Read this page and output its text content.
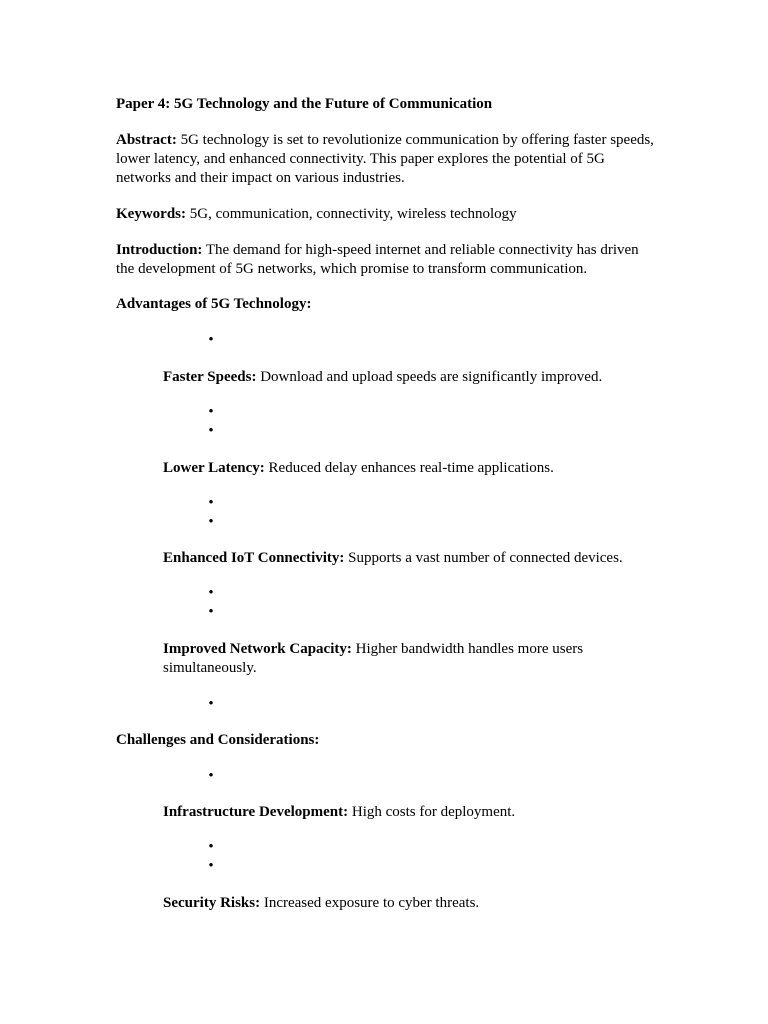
Paper 4: 5G Technology and the Future of Communication

Abstract: 5G technology is set to revolutionize communication by offering faster speeds, lower latency, and enhanced connectivity. This paper explores the potential of 5G networks and their impact on various industries.

Keywords: 5G, communication, connectivity, wireless technology

Introduction: The demand for high-speed internet and reliable connectivity has driven the development of 5G networks, which promise to transform communication.

Advantages of 5G Technology:

•

Faster Speeds: Download and upload speeds are significantly improved.

•
•

Lower Latency: Reduced delay enhances real-time applications.

•
•

Enhanced IoT Connectivity: Supports a vast number of connected devices.

•
•

Improved Network Capacity: Higher bandwidth handles more users simultaneously.

•

Challenges and Considerations:

•

Infrastructure Development: High costs for deployment.

•
•

Security Risks: Increased exposure to cyber threats.
